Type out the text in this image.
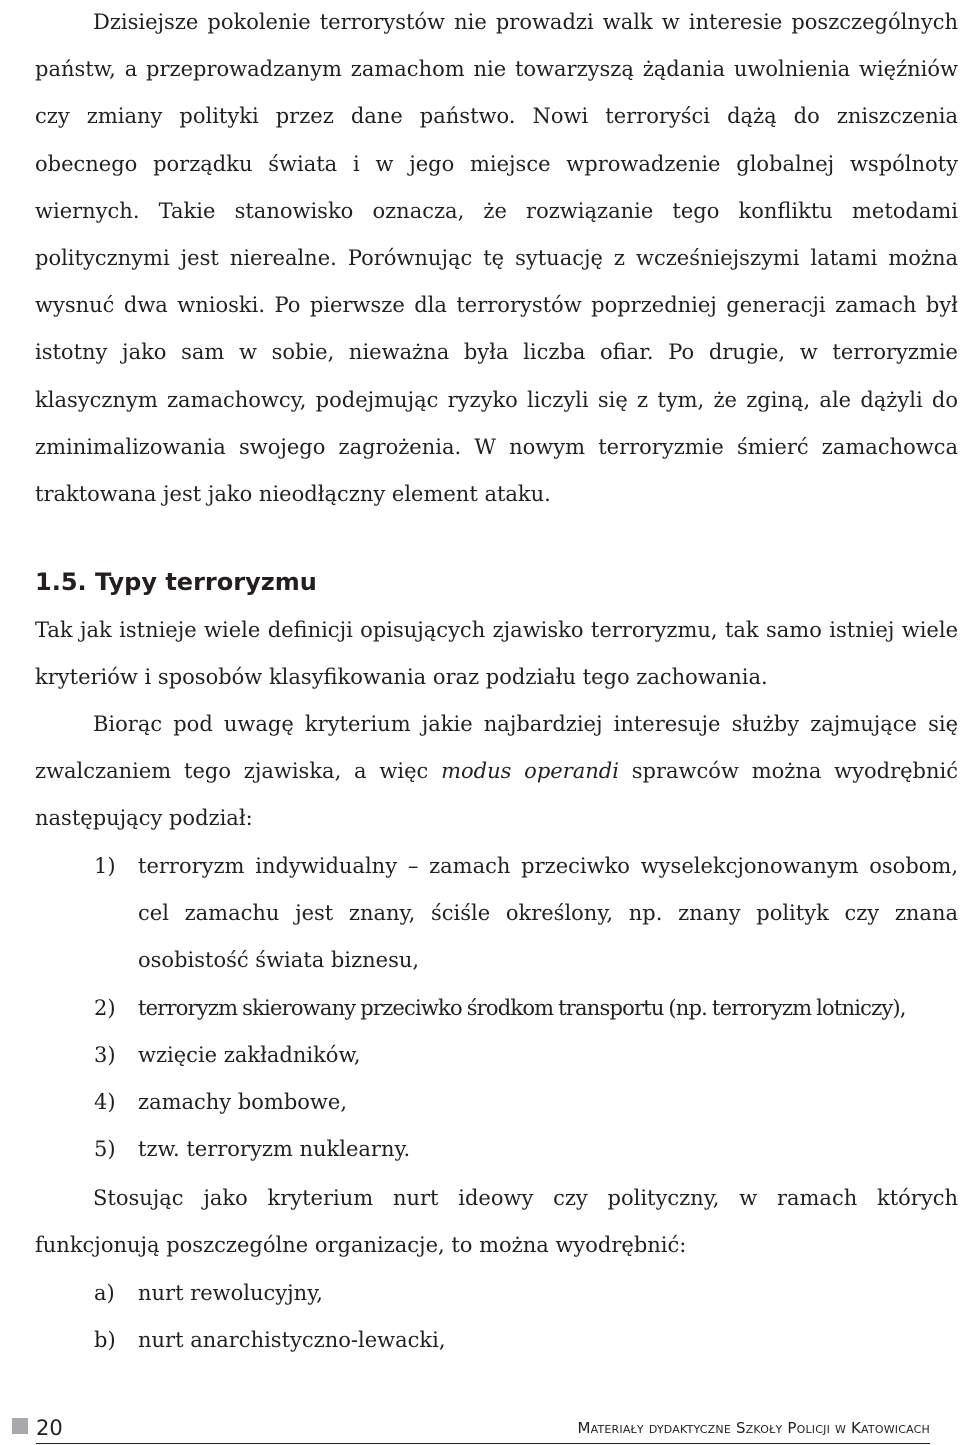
Dzisiejsze pokolenie terrorystów nie prowadzi walk w interesie poszczególnych państw, a przeprowadzanym zamachom nie towarzyszą żądania uwolnienia więźniów czy zmiany polityki przez dane państwo. Nowi terroryści dążą do zniszczenia obecnego porządku świata i w jego miejsce wprowadzenie globalnej wspólnoty wiernych. Takie stanowisko oznacza, że rozwiązanie tego konfliktu metodami politycznymi jest nierealne. Porównując tę sytuację z wcześniejszymi latami można wysnuć dwa wnioski. Po pierwsze dla terrorystów poprzedniej generacji zamach był istotny jako sam w sobie, nieważna była liczba ofiar. Po drugie, w terroryzmie klasycznym zamachowcy, podejmując ryzyko liczyli się z tym, że zginą, ale dążyli do zminimalizowania swojego zagrożenia. W nowym terroryzmie śmierć zamachowca traktowana jest jako nieodłączny element ataku.

1.5. Typy terroryzmu

Tak jak istnieje wiele definicji opisujących zjawisko terroryzmu, tak samo istniej wiele kryteriów i sposobów klasyfikowania oraz podziału tego zachowania.

Biorąc pod uwagę kryterium jakie najbardziej interesuje służby zajmujące się zwalczaniem tego zjawiska, a więc modus operandi sprawców można wyodrębnić następujący podział:

1)	terroryzm indywidualny – zamach przeciwko wyselekcjonowanym osobom, cel zamachu jest znany, ściśle określony, np. znany polityk czy znana osobistość świata biznesu,
2)	terroryzm skierowany przeciwko środkom transportu (np. terroryzm lotniczy),
3)	wzięcie zakładników,
4)	zamachy bombowe,
5)	tzw. terroryzm nuklearny.

Stosując jako kryterium nurt ideowy czy polityczny, w ramach których funkcjonują poszczególne organizacje, to można wyodrębnić:

a)	nurt rewolucyjny,
b)	nurt anarchistyczno-lewacki,
20	Materiały dydaktyczne Szkoły Policji w Katowicach
